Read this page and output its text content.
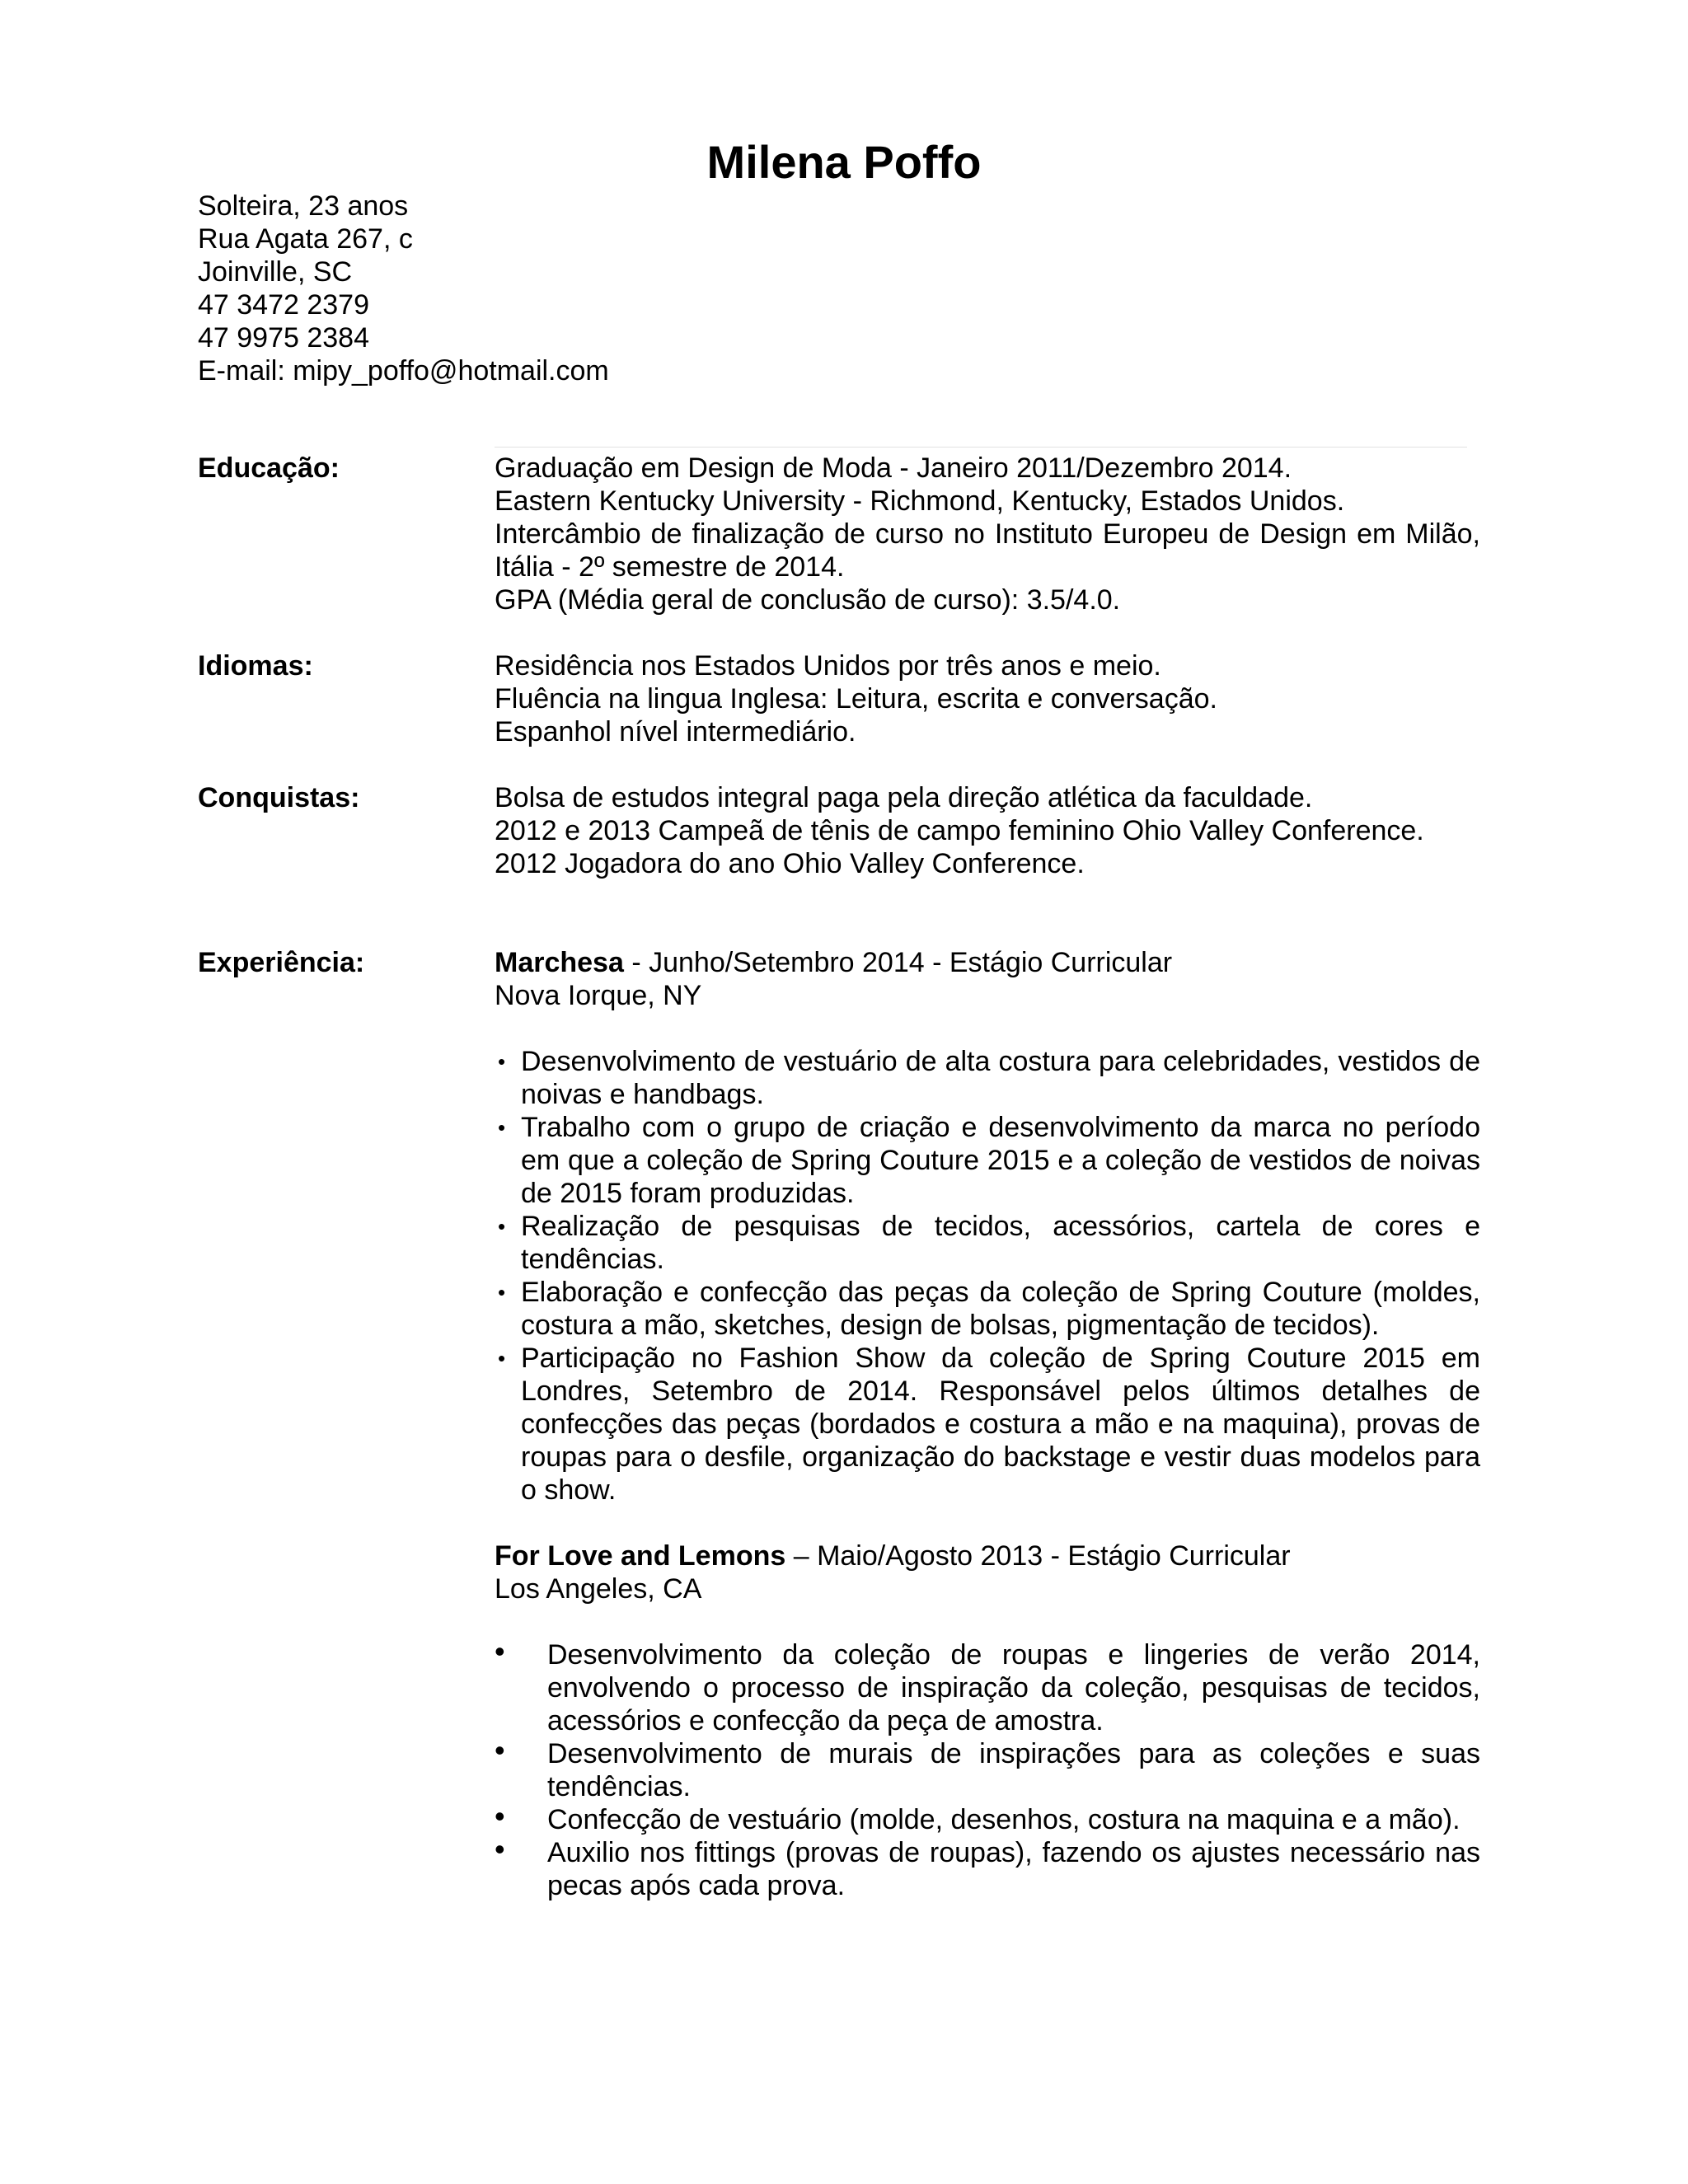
Milena Poffo
Solteira, 23 anos
Rua Agata 267, c
Joinville, SC
47 3472 2379
47 9975 2384
E-mail: mipy_poffo@hotmail.com
Educação:	Graduação em Design de Moda - Janeiro 2011/Dezembro 2014.
Eastern Kentucky University - Richmond, Kentucky, Estados Unidos.
Intercâmbio de finalização de curso no Instituto Europeu de Design em Milão, Itália - 2º semestre de 2014.
GPA (Média geral de conclusão de curso): 3.5/4.0.
Idiomas:	Residência nos Estados Unidos por três anos e meio.
Fluência na lingua Inglesa: Leitura, escrita e conversação.
Espanhol nível intermediário.
Conquistas:	Bolsa de estudos integral paga pela direção atlética da faculdade.
2012 e 2013 Campeã de tênis de campo feminino Ohio Valley Conference.
2012 Jogadora do ano Ohio Valley Conference.
Experiência:	Marchesa - Junho/Setembro 2014 - Estágio Curricular
Nova Iorque, NY
• Desenvolvimento de vestuário de alta costura para celebridades, vestidos de noivas e handbags.
• Trabalho com o grupo de criação e desenvolvimento da marca no período em que a coleção de Spring Couture 2015 e a coleção de vestidos de noivas de 2015 foram produzidas.
• Realização de pesquisas de tecidos, acessórios, cartela de cores e tendências.
• Elaboração e confecção das peças da coleção de Spring Couture (moldes, costura a mão, sketches, design de bolsas, pigmentação de tecidos).
• Participação no Fashion Show da coleção de Spring Couture 2015 em Londres, Setembro de 2014. Responsável pelos últimos detalhes de confecções das peças (bordados e costura a mão e na maquina), provas de roupas para o desfile, organização do backstage e vestir duas modelos para o show.
For Love and Lemons – Maio/Agosto 2013 - Estágio Curricular
Los Angeles, CA
• Desenvolvimento da coleção de roupas e lingeries de verão 2014, envolvendo o processo de inspiração da coleção, pesquisas de tecidos, acessórios e confecção da peça de amostra.
• Desenvolvimento de murais de inspirações para as coleções e suas tendências.
• Confecção de vestuário (molde, desenhos, costura na maquina e a mão).
• Auxilio nos fittings (provas de roupas), fazendo os ajustes necessário nas pecas após cada prova.
